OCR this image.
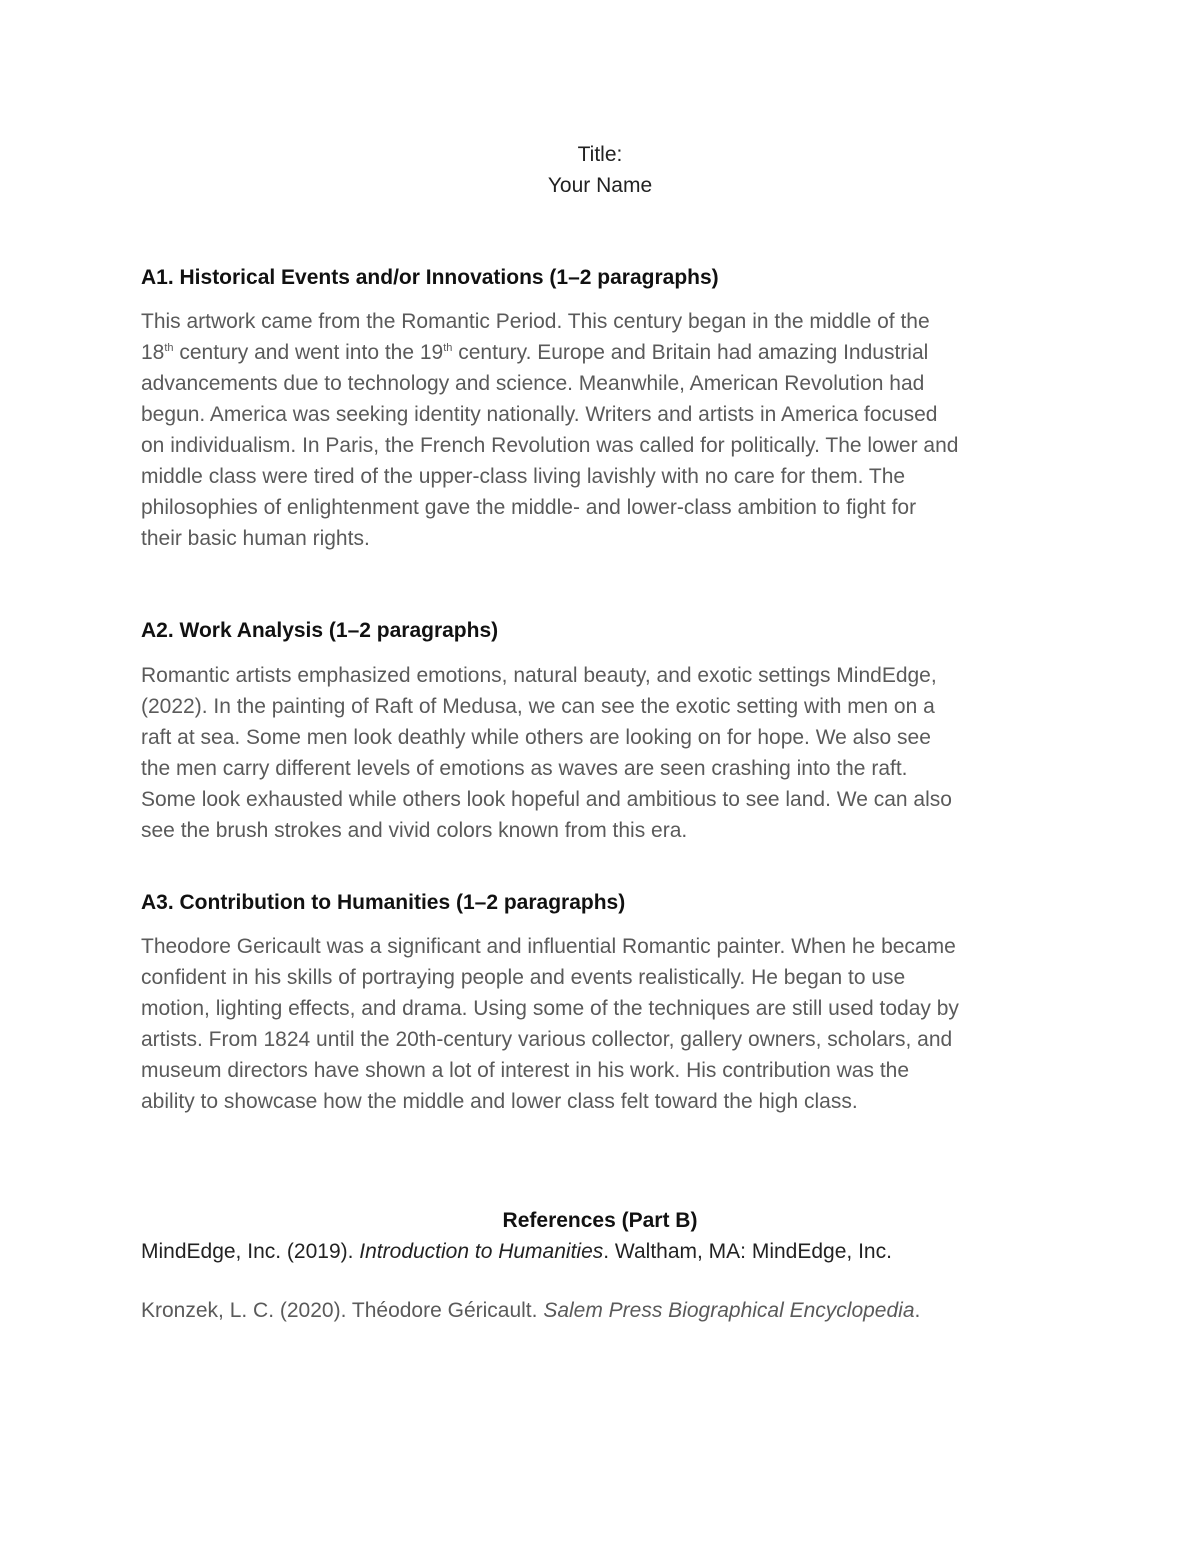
Title:
Your Name
A1. Historical Events and/or Innovations (1–2 paragraphs)
This artwork came from the Romantic Period. This century began in the middle of the
18th century and went into the 19th century. Europe and Britain had amazing Industrial
advancements due to technology and science. Meanwhile, American Revolution had
begun. America was seeking identity nationally. Writers and artists in America focused
on individualism. In Paris, the French Revolution was called for politically. The lower and
middle class were tired of the upper-class living lavishly with no care for them. The
philosophies of enlightenment gave the middle- and lower-class ambition to fight for
their basic human rights.
A2. Work Analysis (1–2 paragraphs)
Romantic artists emphasized emotions, natural beauty, and exotic settings MindEdge,
(2022). In the painting of Raft of Medusa, we can see the exotic setting with men on a
raft at sea. Some men look deathly while others are looking on for hope. We also see
the men carry different levels of emotions as waves are seen crashing into the raft.
Some look exhausted while others look hopeful and ambitious to see land. We can also
see the brush strokes and vivid colors known from this era.
A3. Contribution to Humanities (1–2 paragraphs)
Theodore Gericault was a significant and influential Romantic painter. When he became
confident in his skills of portraying people and events realistically. He began to use
motion, lighting effects, and drama. Using some of the techniques are still used today by
artists. From 1824 until the 20th-century various collector, gallery owners, scholars, and
museum directors have shown a lot of interest in his work. His contribution was the
ability to showcase how the middle and lower class felt toward the high class.
References (Part B)
MindEdge, Inc. (2019). Introduction to Humanities. Waltham, MA: MindEdge, Inc.
Kronzek, L. C. (2020). Théodore Géricault. Salem Press Biographical Encyclopedia.
